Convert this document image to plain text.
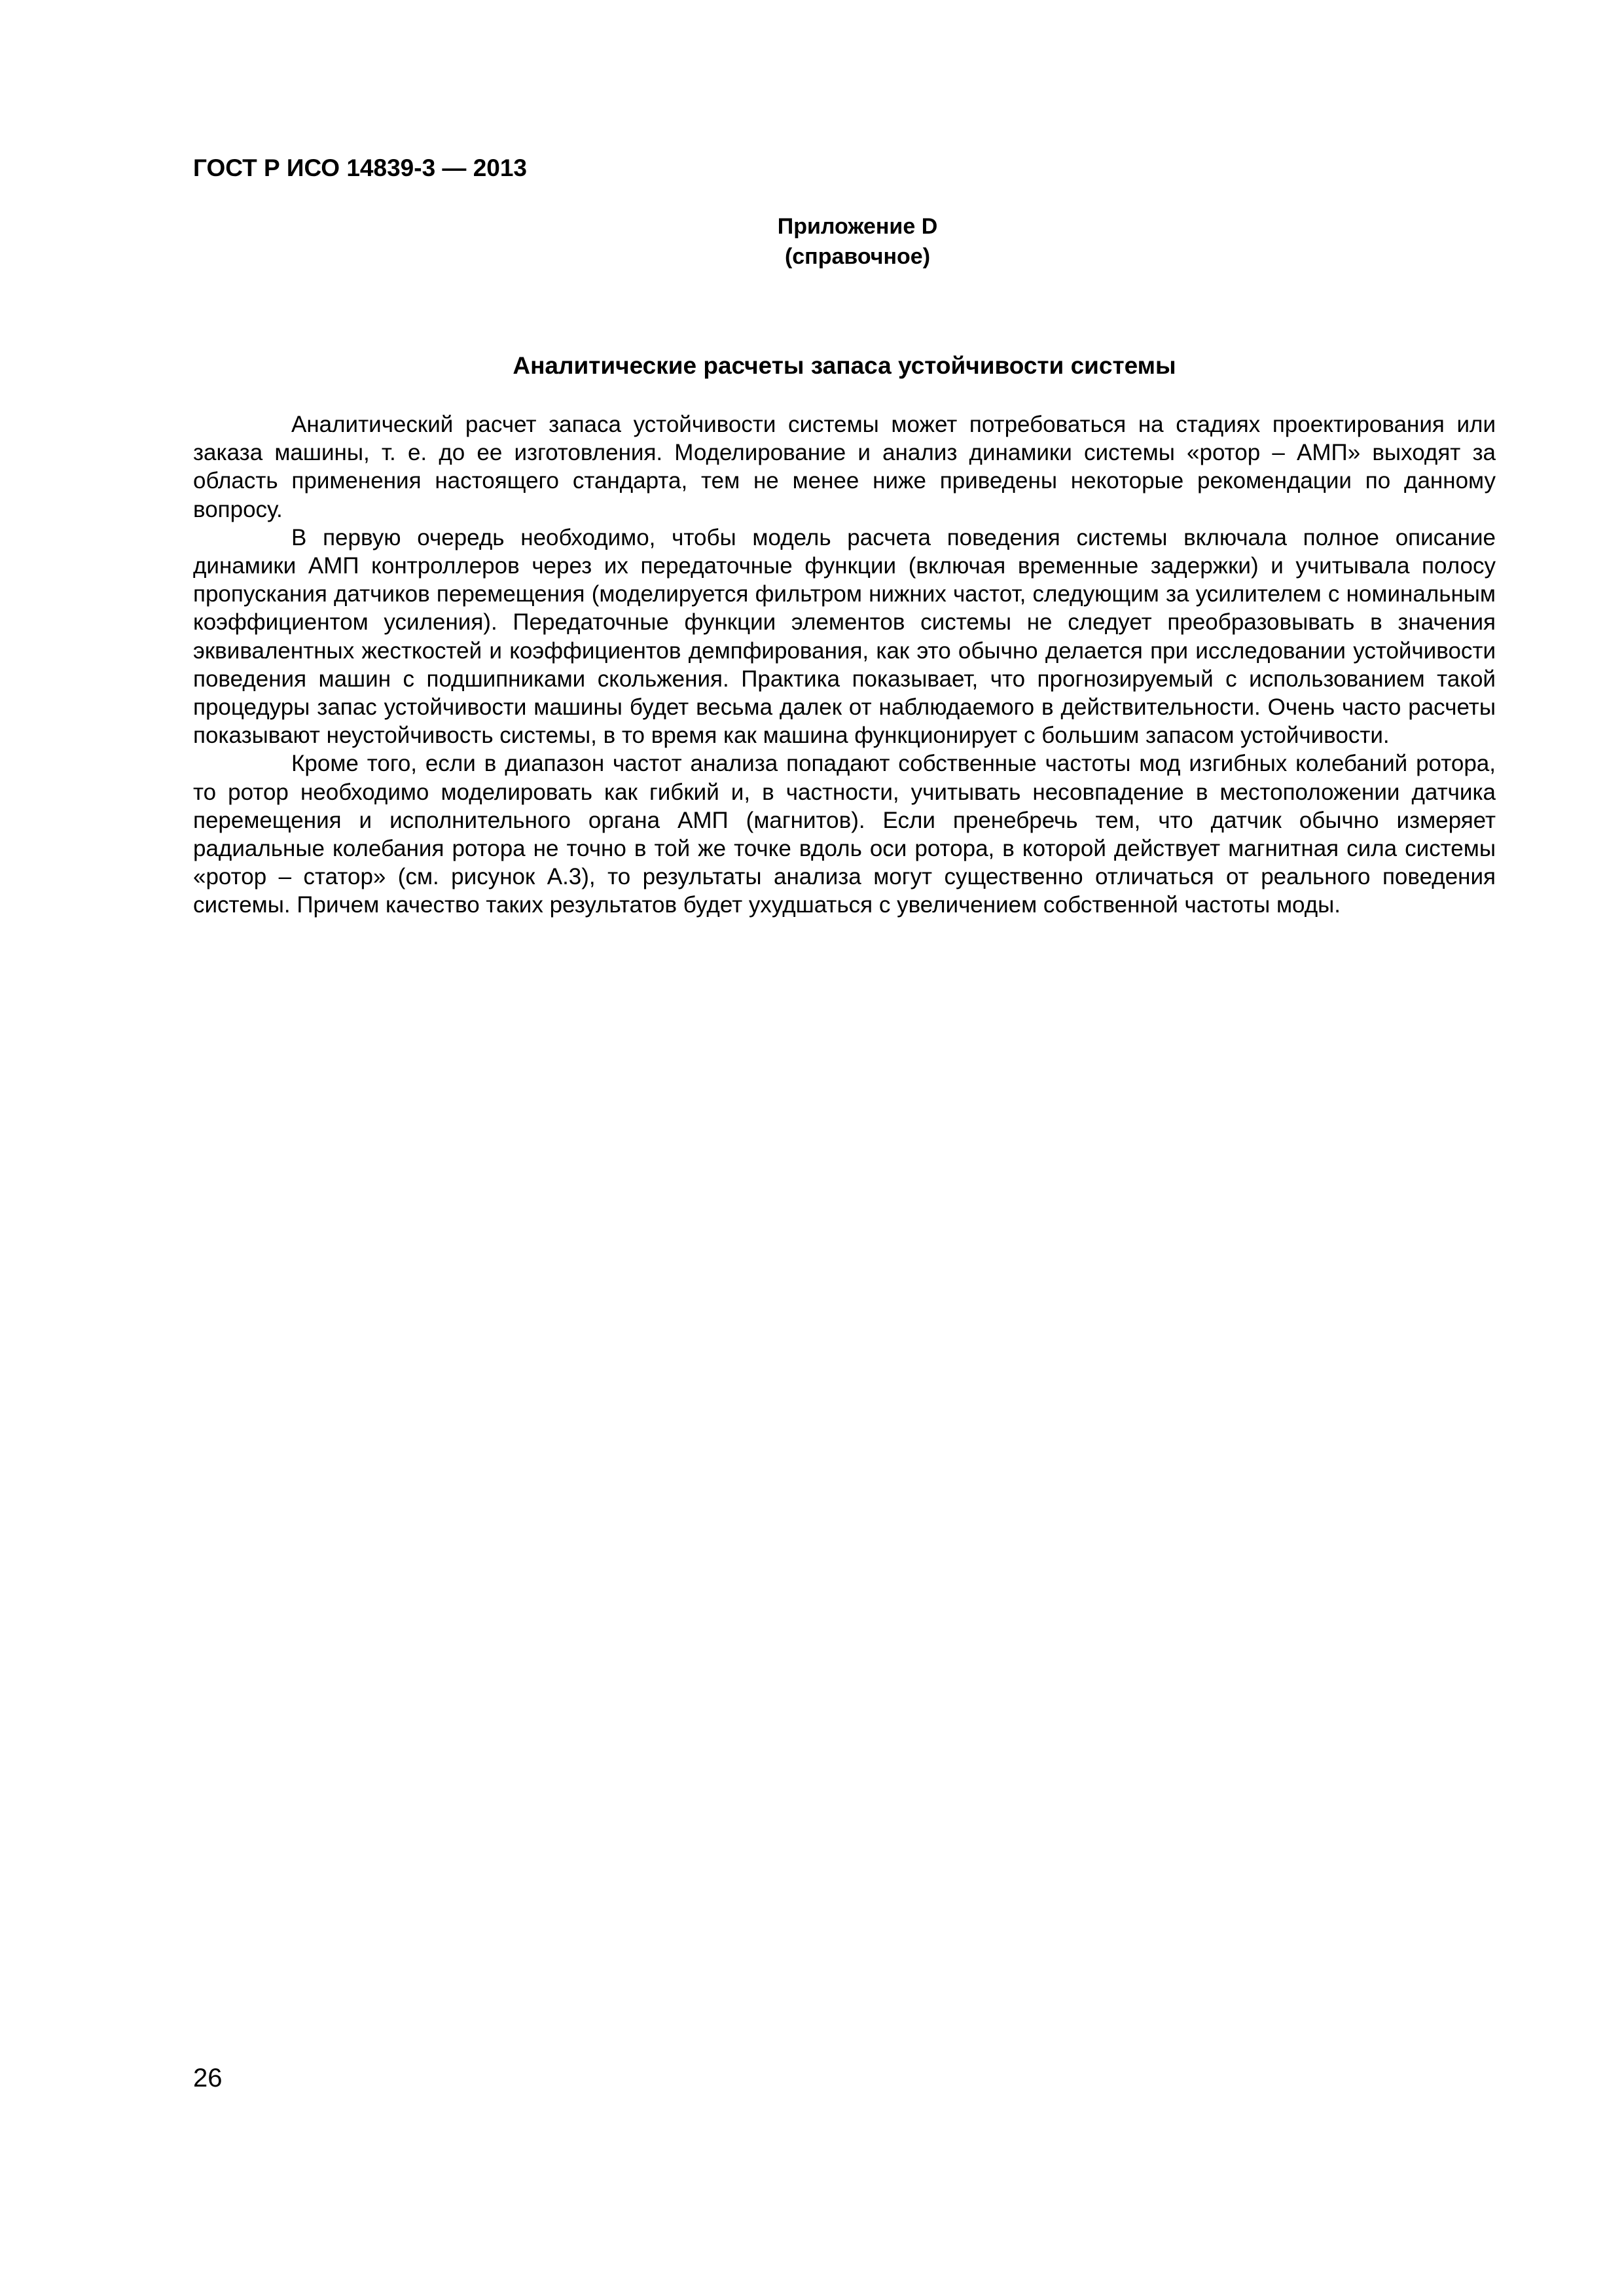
ГОСТ Р ИСО 14839-3 — 2013
Приложение D
(справочное)
Аналитические расчеты запаса устойчивости системы

Аналитический расчет запаса устойчивости системы может потребоваться на стадиях проектирования или заказа машины, т. е. до ее изготовления. Моделирование и анализ динамики системы «ротор – АМП» выходят за область применения настоящего стандарта, тем не менее ниже приведены некоторые рекомендации по данному вопросу.

В первую очередь необходимо, чтобы модель расчета поведения системы включала полное описание динамики АМП контроллеров через их передаточные функции (включая временные задержки) и учитывала полосу пропускания датчиков перемещения (моделируется фильтром нижних частот, следующим за усилителем с номинальным коэффициентом усиления). Передаточные функции элементов системы не следует преобразовывать в значения эквивалентных жесткостей и коэффициентов демпфирования, как это обычно делается при исследовании устойчивости поведения машин с подшипниками скольжения. Практика показывает, что прогнозируемый с использованием такой процедуры запас устойчивости машины будет весьма далек от наблюдаемого в действительности. Очень часто расчеты показывают неустойчивость системы, в то время как машина функционирует с большим запасом устойчивости.

Кроме того, если в диапазон частот анализа попадают собственные частоты мод изгибных колебаний ротора, то ротор необходимо моделировать как гибкий и, в частности, учитывать несовпадение в местоположении датчика перемещения и исполнительного органа АМП (магнитов). Если пренебречь тем, что датчик обычно измеряет радиальные колебания ротора не точно в той же точке вдоль оси ротора, в которой действует магнитная сила системы «ротор – статор» (см. рисунок А.3), то результаты анализа могут существенно отличаться от реального поведения системы. Причем качество таких результатов будет ухудшаться с увеличением собственной частоты моды.

26
